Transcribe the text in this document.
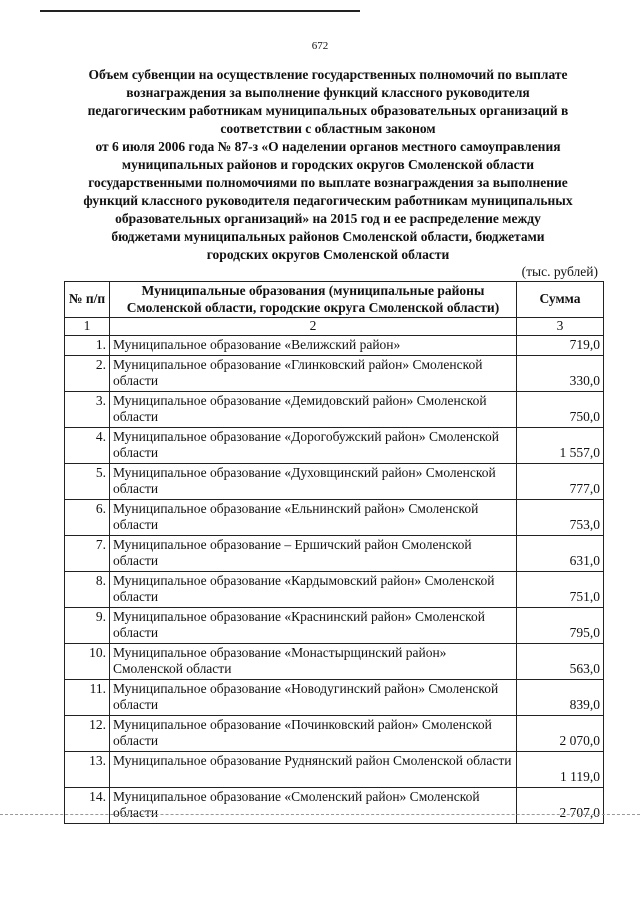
672
Объем субвенции на осуществление государственных полномочий по выплате
вознаграждения за выполнение функций классного руководителя
педагогическим работникам муниципальных образовательных организаций в
соответствии с областным законом
от 6 июля 2006 года № 87-з «О наделении органов местного самоуправления
муниципальных районов и городских округов Смоленской области
государственными полномочиями по выплате вознаграждения за выполнение
функций классного руководителя педагогическим работникам муниципальных
образовательных организаций» на 2015 год и ее распределение между
бюджетами муниципальных районов Смоленской области, бюджетами
городских округов Смоленской области
(тыс. рублей)
№ п/п	Муниципальные образования (муниципальные районы Смоленской области, городские округа Смоленской области)	Сумма
1	2	3
1.	Муниципальное образование «Велижский район»	719,0
2.	Муниципальное образование «Глинковский район» Смоленской области	330,0
3.	Муниципальное образование «Демидовский район» Смоленской области	750,0
4.	Муниципальное образование «Дорогобужский район» Смоленской области	1 557,0
5.	Муниципальное образование «Духовщинский район» Смоленской области	777,0
6.	Муниципальное образование «Ельнинский район» Смоленской области	753,0
7.	Муниципальное образование – Ершичский район Смоленской области	631,0
8.	Муниципальное образование «Кардымовский район» Смоленской области	751,0
9.	Муниципальное образование «Краснинский район» Смоленской области	795,0
10.	Муниципальное образование «Монастырщинский район» Смоленской области	563,0
11.	Муниципальное образование «Новодугинский район» Смоленской области	839,0
12.	Муниципальное образование «Починковский район» Смоленской области	2 070,0
13.	Муниципальное образование Руднянский район Смоленской области	1 119,0
14.	Муниципальное образование «Смоленский район» Смоленской области	2 707,0
